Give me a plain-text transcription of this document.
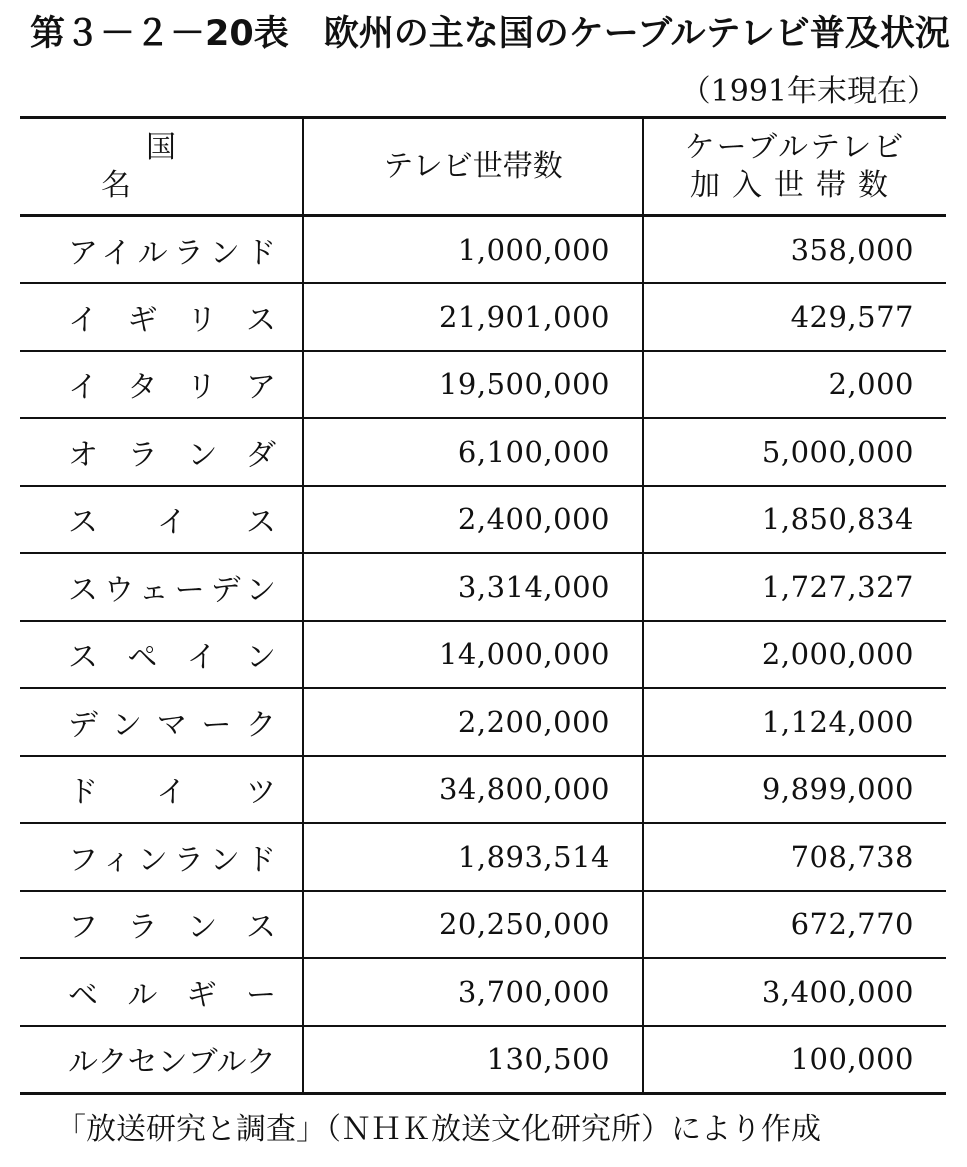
第３－２－20表　欧州の主な国のケーブルテレビ普及状況
（1991年末現在）
国名	テレビ世帯数	ケーブルテレビ
加入世帯数

アイルランド	1,000,000	358,000
イギリス	21,901,000	429,577
イタリア	19,500,000	2,000
オランダ	6,100,000	5,000,000
スイス	2,400,000	1,850,834
スウェーデン	3,314,000	1,727,327
スペイン	14,000,000	2,000,000
デンマーク	2,200,000	1,124,000
ドイツ	34,800,000	9,899,000
フィンランド	1,893,514	708,738
フランス	20,250,000	672,770
ベルギー	3,700,000	3,400,000
ルクセンブルク	130,500	100,000
「放送研究と調査」（ＮＨＫ放送文化研究所）により作成
